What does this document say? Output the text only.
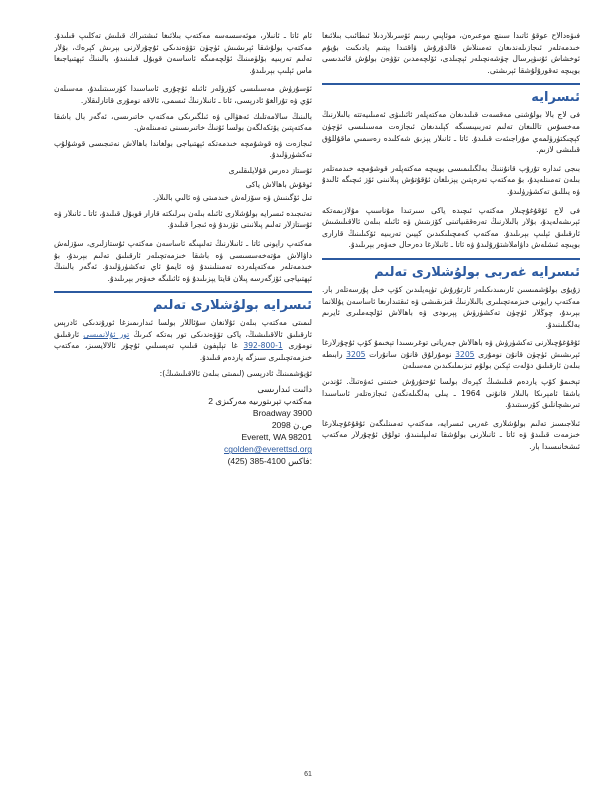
ﻓﯩﯟﻩﺩﺍﻻﺡ ﻋﻮﻗﯘ ﺋﺎﺗﯩﺪﺍ ﺳﯩﻨﭻ ﻣﻮﻋﯩﺮﻩﻥ، ﻣﻮﺋﺎﭘﯩﻲ ﺭﯨﺒﯩﻢ ﺋﯚﺳﺮﯨﻼﺭﺩﯨﻼ ﺋﯩﻄﺎﺋﯩﺐ ﺑﯩﻼﺋﯩﻐﺎ ﺧﯩﺪﻣﻪﺗﻠﻪﺭ ﺋﯩﺠﺎﺯﯨﻠﻪﻧﺪﯨﻐﺎﻥ ﺗﻪﻣﯩﻨﻼﺵ ﻗﺎﻟﺪﯗﺭﯗﺵ ﯞﺍﻗﺘﯩﺪﺍ ﻳﯧﺘﯩﻢ ﻳﺎﺩﯨﻜﯩﺖ ﺑﯘﻳﯘﻡ ﺋﻮﺧﺸﺎﺵ ﺋﯘﻧﯩﯟﯦﺮﺳﺎﻝ ﭼﯜﺷﻪﻧﭽﯩﻠﻪﺭ ﺋﯧﭽﯩﻠﺪﻯ، ﺋﯚﻟﭽﻪﻣﺪﯨﻦ ﺗﯚﯞﻩﻥ ﺑﻮﻟﯘﺵ ﻗﺎﺋﯩﺪﯨﺴﻰ ﺑﻮﻳﯩﭽﻪ ﺗﻪﻗﻮﺭﯗﻟﯘﺷﻘﺎ ﺋﯧﺮﯨﺸﺘﻰ.

ﺋﯩﺴﺮﺍﻳﻪ

ﻓﻰ ﻻﺝ ﺑﺎﻟﺎ ﺑﻮﻟﯘﺷﻨﻰ ﻣﻪﻗﺴﻪﺕ ﻗﯩﻠﯩﺪﯨﻐﺎﻥ ﻣﻪﻛﺘﻪﭘﻠﻪﺭ ﺋﺎﺋﯩﻠﯩﯟﻯ ﺋﻪﻣﯩﻠﯩﻴﻪﺗﺘﻪ ﺑﺎﻟﯩﻼﺭﻧﯩﯔ ﻣﻪﺧﺴﯘﺱ ﺗﺎﻟﻠﯩﻐﺎﻥ ﺗﻪﻟﯩﻢ ﺗﻪﺭﺑﯩﻴﯩﺴﯩﮕﻪ ﻛﯧﻠﯩﺪﯨﻐﺎﻥ ﺋﯩﺠﺎﺯﻩﺕ ﻣﻪﺳﯩﻠﯩﺴﻰ ﺋﯜﭼﯜﻥ ﻛﯧﭽﯩﻜﺘﯜﺭﯛﻟﻤﻪﻱ ﻣﯘﺭﺍﺟﯩﺌﻪﺕ ﻗﯩﻠﯩﺪﯗ. ﺋﺎﺗﺎ ـ ﺋﺎﻧﯩﻼﺭ ﻳﯧﺰﯨﻖ ﺷﻪﻛﻠﯩﺪﻩ ﺭﻩﺳﻤﯩﻲ ﻣﺎﻗﯘﻟﻠﯘﻕ ﻗﯩﻠﯩﺸﻰ ﻻﺯﯨﻢ.

ﺑﯩﺠﻰ ﺋﯩﺪﺍﺭﻩ ﺗﯘﺭﯗﭖ ﻗﺎﻧﯘﻧﻨﯩﯔ ﺑﻪﻟﮕﯩﻠﯩﻤﯩﺴﻰ ﺑﻮﻳﯩﭽﻪ ﻣﻪﻛﺘﻪﭘﻠﻪﺭ ﻗﻮﺷﯘﻣﭽﻪ ﺧﯩﺪﻣﻪﺗﻠﻪﺭ ﺑﯩﻠﻪﻥ ﺗﻪﻣﯩﻨﻠﻪﻳﺪﯗ، ﺑﯘ ﻣﻪﻛﺘﻪﭖ ﺗﻪﺭﻩﭘﺘﯩﻦ ﻳﯧﺰﯨﻠﻐﺎﻥ ﺋﯘﻗﯘﺗﯘﺵ ﭘﯩﻼﻧﯩﻨﻰ ﺋﯚﺯ ﺋﯩﭽﯩﮕﻪ ﺋﺎﻟﯩﺪﯗ ﯞﻩ ﻳﯩﻠﻠﯩﻖ ﺗﻪﻛﺸﯜﺭﯛﻟﯩﺪﯗ.

ﻓﻰ ﻻﺝ ﺋﯘﻗﯘﻏﯘﭼﯩﻼﺭ ﻣﻪﻛﺘﻪﭖ ﺋﯩﭽﯩﺪﻩ ﻳﺎﻛﻰ ﺳﯩﺮﺗﯩﺪﺍ ﻣﯘﻧﺎﺳﯩﭗ ﻣﯘﻻﺯﯨﻤﻪﺗﻜﻪ ﺋﯧﺮﯨﺸﻪﻟﻪﻳﺪﯗ، ﺑﯘﻻﺭ ﺑﺎﻟﯩﻼﺭﻧﯩﯔ ﺗﻪﺭﻩﻗﻘﯩﻴﺎﺗﯩﻨﻰ ﻛﯚﺯﯨﺘﯩﺶ ﯞﻩ ﺋﺎﺋﯩﻠﻪ ﺑﯩﻠﻪﻥ ﺋﺎﻻﻗﯩﻠﯩﺸﯩﺶ ﺋﺎﺭﻗﯩﻠﯩﻖ ﺋﯧﻠﯩﭗ ﺑﯧﺮﯨﻠﯩﺪﯗ. ﻣﻪﻛﺘﻪﭖ ﻛﻪﻣﭽﯩﻠﯩﻜﯩﺪﯨﻦ ﻛﯧﻴﯩﻦ ﺗﻪﺭﺑﯩﻴﻪ ﺋﯚﻛﯩﻠﯩﻨﯩﯔ ﻗﺎﺭﺍﺭﻯ ﺑﻮﻳﯩﭽﻪ ﺋﯩﺸﻠﻪﺵ ﺩﺍﯞﺍﻣﻼﺷﺘﯘﺭﯗﻟﯩﺪﯗ ﯞﻩ ﺋﺎﺗﺎ ـ ﺋﺎﻧﯩﻼﺭﻏﺎ ﺩﻩﺭﺣﺎﻝ ﺧﻪﯞﻩﺭ ﺑﯧﺮﯨﻠﯩﺪﯗ.

ﺋﯩﺴﺮﺍﻳﻪ ﻏﻪﺭﺑﻰ ﺑﻮﻟﯘﺷﻼﺭﻯ ﺗﻪﻟﯩﻢ

ﺯﯗﻳﯘﻯ ﺑﻮﻟﯘﺷﻤﯩﺴﯩﻦ ﺋﺎﺭﯨﻤﯩﺪﯨﻜﯩﻠﻪﺭ ﺋﺎﺭﺗﯘﺭﯗﺵ ﺗﯜﭘﻪﻳﻠﯩﺪﯨﻦ ﻛﯚﭖ ﺧﯩﻞ ﭘﯘﺭﺳﻪﺗﻠﻪﺭ ﺑﺎﺭ. ﻣﻪﻛﺘﻪﭖ ﺭﺍﻳﻮﻧﻰ ﺧﯩﺰﻣﻪﺗﭽﯩﻠﯩﺮﻯ ﺑﺎﻟﯩﻼﺭﻧﯩﯔ ﻗﯩﺰﯨﻘﯩﺸﻰ ﯞﻩ ﺋﯩﻘﺘﯩﺪﺍﺭﯨﻐﺎ ﺋﺎﺳﺎﺳﻪﻥ ﻳﯘﻟﻼﻧﻤﺎ ﺑﯧﺮﯨﺪﯗ، ﭼﻮﯕﻼﺭ ﺋﯜﭼﯜﻥ ﺗﻪﻛﺸﯜﺭﯛﺵ ﭘﯧﺮﯨﻮﺩﻯ ﯞﻩ ﺑﺎﻫﺎﻻﺵ ﺋﯚﻟﭽﻪﻣﻠﯩﺮﻯ ﺋﺎﻳﺮﯨﻢ ﺑﻪﻟﮕﯩﻠﯩﻨﯩﺪﯗ.

ﺋﯘﻗﯘﻏﯘﭼﯩﻼﺭﻧﻰ ﺗﻪﻛﺸﯜﺭﯛﺵ ﯞﻩ ﺑﺎﻫﺎﻻﺵ ﺟﻪﺭﻳﺎﻧﻰ ﺗﻮﻏﺮﯨﺴﯩﺪﺍ ﺗﯧﺨﯩﻤﯘ ﻛﯚﭖ ﺋﯘﭼﯘﺭﻻﺭﻏﺎ ﺋﯧﺮﯨﺸﯩﺶ ﺋﯜﭼﯜﻥ ﻗﺎﻧﯘﻥ ﻧﻮﻣﯘﺭﻯ 3205 ﻧﻮﻣﯘﺭﻟﯘﻕ ﻗﺎﻧﯘﻥ ﺳﺎﻧﯘﺭﺍﺕ 3205 ﺭﺍﺑﯩﻄﻪ ﺑﯩﻠﻪﻥ ﺋﺎﺭﻗﯩﻠﯩﻖ ﺩﯙﻟﻪﺕ ﺋﯧﻜﯩﻦ ﺑﻮﻟﯘﻡ ﺗﯩﺰﯨﻤﻠﯩﻜﯩﺪﯨﻦ ﻣﻪﺳﯩﻠﻪﻥ

ﺗﯧﺨﯩﻤﯘ ﻛﯚﭖ ﻳﺎﺭﺩﻩﻡ ﻗﯩﻠﯩﺸﯩﯔ ﻛﯧﺮﻩﻙ ﺑﻮﻟﺴﺎ ﺋﯘﺧﺘﯘﺭﯗﺵ ﺧﯩﺘﯩﻨﻰ ﺋﻪﯞﻩﺗﯩﯔ. ﺋﯘﻧﺪﯨﻦ ﺑﺎﺷﻘﺎ ﺋﺎﻣﯧﺮﯨﻜﺎ ﺑﺎﻟﯩﻼﺭ ﻗﺎﻧﯘﻧﻰ 1964 ـ ﻳﯩﻠﻰ ﺑﻪﻟﮕﯩﻠﻪﻧﮕﻪﻥ ﺋﯩﺠﺎﺯﻩﺗﻠﻪﺭ ﺋﺎﺳﺎﺳﯩﺪﺍ ﺗﯩﺮﯨﺸﭽﺎﻧﻠﯩﻖ ﻛﯚﺭﺳﯩﺘﯩﺪﯗ.

ﺋﯩﻼﺟﯩﺴﯩﺰ ﺗﻪﻟﯩﻢ ﺑﻮﻟﯘﺷﻼﺭﻯ ﻏﻪﺭﺑﻰ ﺋﯩﺴﺮﺍﻳﻪ، ﻣﻪﻛﺘﻪﭖ ﺗﻪﻣﯩﻨﻠﯩﮕﻪﻥ ﺋﯘﻗﯘﻏﯘﭼﯩﻼﺭﻏﺎ ﺧﯩﺰﻣﻪﺕ ﻗﯩﻠﯩﺪﯗ ﯞﻩ ﺋﺎﺗﺎ ـ ﺋﺎﻧﯩﻼﺭﻧﻰ ﺑﻮﻟﯘﺷﻘﺎ ﺗﻪﻟﯩﭙﻠﯩﻨﯩﺪﯗ، ﺗﻮﻟﯘﻕ ﺋﯘﭼﯘﺭﻻﺭ ﻣﻪﻛﺘﻪﭖ ﺋﯩﺸﺨﺎﻧﯩﺴﯩﺪﺍ ﺑﺎﺭ.

ﺋﺎﻡ ﺋﺎﺗﺎ ـ ﺋﺎﻧﯩﻼﺭ، ﻣﻮﺋﻪﺳﺴﻪﺳﻪ ﻣﻪﻛﺘﻪﭖ ﺑﯩﻼﺋﯩﻐﺎ ﺋﯩﺸﺘﯩﺮﺍﻙ ﻗﯩﻠﯩﺶ ﺗﻪﻛﻠﯩﭗ ﻗﯩﻠﯩﺪﯗ. ﻣﻪﻛﺘﻪﭖ ﺑﻮﻟﯘﺷﻘﺎ ﺋﯧﺮﯨﺸﯩﺶ ﺋﯜﭼﯜﻥ ﺗﯚﯞﻩﻧﺪﯨﻜﻰ ﺋﯘﭼﯘﺭﻻﺭﻧﻰ ﺑﯧﺮﯨﺶ ﻛﯧﺮﻩﻙ، ﺑﯘﻻﺭ ﺗﻪﻟﯩﻢ ﺗﻪﺭﺑﯩﻴﻪ ﺑﯚﻟﯜﻣﯩﻨﯩﯔ ﺋﯚﻟﭽﻪﻣﯩﮕﻪ ﺋﺎﺳﺎﺳﻪﻥ ﻗﻮﺑﯘﻝ ﻗﯩﻠﯩﻨﯩﺪﯗ، ﺑﺎﻟﯩﻨﯩﯔ ﺋﯧﻬﺘﯩﻴﺎﺟﯩﻐﺎ ﻣﺎﺱ ﺋﯧﻠﯩﭗ ﺑﯧﺮﯨﻠﯩﺪﯗ.

ﺋﯚﺳﯘﺭﯛﺵ ﻣﻪﺳﯩﻠﯩﺴﻰ ﻛﯚﺭﯛﻟﻪﺭ ﺋﺎﺋﯩﻠﻪ ﺋﯘﭼﯘﺭﻯ ﺋﺎﺳﺎﺳﯩﺪﺍ ﻛﯚﺭﺳﯩﺘﯩﻠﯩﺪﯗ، ﻣﻪﺳﯩﻠﻪﻥ ﺋﯚﻱ ﯞﻩ ﺗﯘﺭﺍﻟﻐﯘ ﺋﺎﺩﺭﯦﺴﻰ، ﺋﺎﺗﺎ ـ ﺋﺎﻧﯩﻼﺭﻧﯩﯔ ﺋﯩﺴﻤﻰ، ﺋﺎﻻﻗﻪ ﻧﻮﻣﯘﺭﻯ ﻗﺎﺗﺎﺭﻟﯩﻘﻼﺭ.

ﺑﺎﻟﯩﻨﯩﯔ ﺳﺎﻻﻣﻪﺗﻠﯩﻚ ﺋﻪﻫﯟﺍﻟﻰ ﯞﻩ ﺋﯩﻠﮕﯩﺮﯨﻜﻰ ﻣﻪﻛﺘﻪﭖ ﺧﺎﺗﯩﺮﯨﺴﻰ، ﺋﻪﮔﻪﺭ ﺑﺎﻝ ﺑﺎﺷﻘﺎ ﻣﻪﻛﺘﻪﭘﺘﯩﻦ ﻳﯚﺗﻜﻪﻟﮕﻪﻥ ﺑﻮﻟﺴﺎ ﺋﯘﻧﯩﯔ ﺧﺎﺗﯩﺮﯨﺴﯩﻨﻰ ﺗﻪﻣﯩﻨﻠﻪﺵ.

ﺋﯩﺠﺎﺯﻩﺕ ﯞﻩ ﻗﻮﺷﯘﻣﭽﻪ ﺧﯩﺪﻣﻪﺗﻜﻪ ﺋﯧﻬﺘﯩﻴﺎﺟﻰ ﺑﻮﻟﻐﺎﻧﺪﺍ ﺑﺎﻫﺎﻻﺵ ﻧﻪﺗﯩﺠﯩﺴﻰ ﻗﻮﺷﯘﻟﯘﭖ ﺗﻪﻛﺸﯜﺭﯛﻟﯩﺪﯗ.

ﺋﯘﺳﺘﺎﺯ ﺩﻩﺭﺱ ﻗﯘﻻﻳﻠﯩﻘﻠﯩﺮﻯ

ﺋﻮﻗﯘﺵ ﺑﺎﻫﺎﻻﺵ ﻳﺎﻛﻰ

ﺗﯩﻞ ﺋﯚﮔﯩﻨﯩﺶ ﯞﻩ ﺳﯚﺯﻟﻪﺵ ﺧﯩﺪﻣﯩﺘﻰ ﯞﻩ ﺋﺎﻟﯩﻲ ﺑﺎﻟﯩﻼﺭ.

ﻧﻪﺗﯩﺠﯩﺪﻩ ﺋﯩﺴﺮﺍﻳﻪ ﺑﻮﻟﯘﺷﻼﺭﻯ ﺋﺎﺋﯩﻠﻪ ﺑﯩﻠﻪﻥ ﺑﯩﺮﻟﯩﻜﺘﻪ ﻗﺎﺭﺍﺭ ﻗﻮﺑﯘﻝ ﻗﯩﻠﯩﺪﯗ، ﺋﺎﺗﺎ ـ ﺋﺎﻧﯩﻼﺭ ﯞﻩ ﺋﯘﺳﺘﺎﺯﻻﺭ ﺗﻪﻟﯩﻢ ﭘﯩﻼﻧﯩﻨﻰ ﺗﯜﺯﯨﺪﯗ ﯞﻩ ﺋﯩﺠﺮﺍ ﻗﯩﻠﯩﺪﯗ.

ﻣﻪﻛﺘﻪﭖ ﺭﺍﻳﻮﻧﻰ ﺋﺎﺗﺎ ـ ﺋﺎﻧﯩﻼﺭﻧﯩﯔ ﺗﻪﻟﯩﭙﯩﮕﻪ ﺋﺎﺳﺎﺳﻪﻥ ﻣﻪﻛﺘﻪﭖ ﺋﯘﺳﺘﺎﺯﻟﯩﺮﻯ، ﺳﯚﺯﻟﻪﺵ ﺩﺍﯞﺍﻻﺵ ﻣﯘﺗﻪﺧﻪﺳﺴﯩﺴﻰ ﯞﻩ ﺑﺎﺷﻘﺎ ﺧﯩﺰﻣﻪﺗﭽﯩﻠﻪﺭ ﺋﺎﺭﻗﯩﻠﯩﻖ ﺗﻪﻟﯩﻢ ﺑﯧﺮﯨﺪﯗ، ﺑﯘ ﺧﯩﺪﻣﻪﺗﻠﻪﺭ ﻣﻪﻛﺘﻪﭘﻠﻪﺭﺩﻩ ﺗﻪﻣﯩﻨﻠﯩﻨﯩﺪﯗ ﯞﻩ ﺋﺎﻳﻤﯘ ﺋﺎﻱ ﺗﻪﻛﺸﯜﺭﯛﻟﯩﺪﯗ. ﺋﻪﮔﻪﺭ ﺑﺎﻟﯩﻨﯩﯔ ﺋﯧﻬﺘﯩﻴﺎﺟﻰ ﺋﯚﺯﮔﻪﺭﺳﻪ ﭘﯩﻼﻥ ﻗﺎﻳﺘﺎ ﻳﯧﺰﯨﻠﯩﺪﯗ ﯞﻩ ﺋﺎﺋﯩﻠﯩﮕﻪ ﺧﻪﯞﻩﺭ ﺑﯧﺮﯨﻠﯩﺪﯗ.

ﺋﯩﺴﺮﺍﻳﻪ ﺑﻮﻟﯘﺷﻼﺭﻯ ﺗﻪﻟﯩﻢ

ﻟﯩﻤﯩﺘﻰ ﻣﻪﻛﺘﻪﭖ ﺑﯩﻠﻪﻥ ﺋﯘﻻﻧﻐﺎﻥ ﺳﯘﺋﺎﻟﻼﺭ ﺑﻮﻟﺴﺎ ﺋﯩﺪﺍﺭﯨﻤﯩﺰﻏﺎ ﺋﻮﺭﯗﻧﺪﯨﻜﻰ ﺋﺎﺩﺭﯦﺲ ﺋﺎﺭﻗﯩﻠﯩﻖ ﺋﺎﻻﻗﯩﻠﯩﺸﯩﯔ، ﻳﺎﻛﻰ ﺗﯚﯞﻩﻧﺪﯨﻜﻰ ﺗﻮﺭ ﺑﻪﺗﻜﻪ ﻛﯩﺮﯨﯔ ﺗﻮﺭ ﺋﯘﻻﻧﻤﯩﺴﻰ ﺋﺎﺭﻗﯩﻠﯩﻖ ﻧﻮﻣﯘﺭﻯ 1-800-392 ﻏﺎ ﺗﯧﻠﯧﻔﻮﻥ ﻗﯩﻠﯩﭗ ﺗﻪﭘﺴﯩﻠﯩﻲ ﺋﯘﭼﯘﺭ ﺋﺎﻻﻻﻳﺴﯩﺰ، ﻣﻪﻛﺘﻪﭖ ﺧﯩﺰﻣﻪﺗﭽﯩﻠﯩﺮﻯ ﺳﯩﺰﮔﻪ ﻳﺎﺭﺩﻩﻡ ﻗﯩﻠﯩﺪﯗ.

ﺋﯘﻳﯘﺷﻤﯩﻨﯩﯔ ﺋﺎﺩﺭﯦﺴﻰ (ﻟﯩﻤﯩﺘﻰ ﺑﯩﻠﻪﻥ ﺋﺎﻻﻗﯩﻠﯩﺸﯩﯔ):

ﺩﺍﺋﯩﺖ ﺋﯩﺪﺍﺭﯨﺴﻰ
2 ﻣﻪﻛﺘﻪﭖ ﺗﯧﺮﯨﺘﻮﺭﯨﻴﻪ ﻣﻪﺭﻛﯩﺰﻯ
Broadway 3900
ﺹ.ﻥ 2098
Everett, WA 98201
cgolden@everettsd.org
(425) 385-4100 ﻓﺎﻛﺲ:
61
